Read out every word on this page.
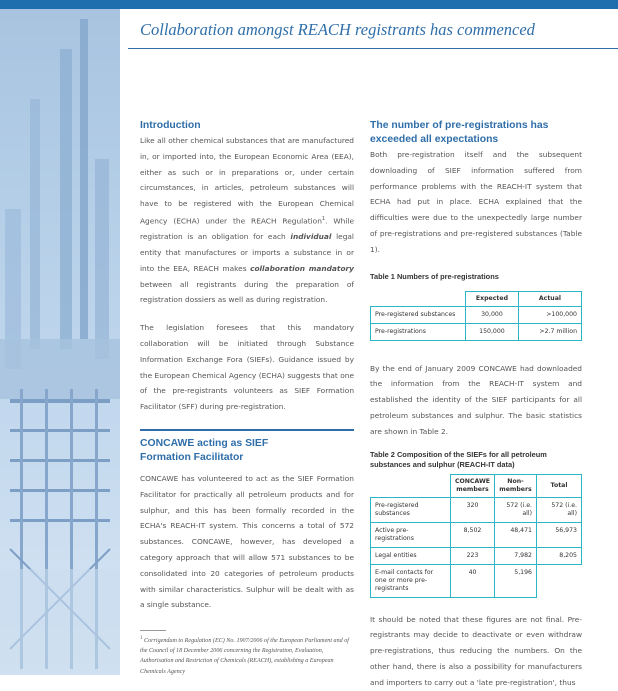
Collaboration amongst REACH registrants has commenced
Introduction

Like all other chemical substances that are manufactured in, or imported into, the European Economic Area (EEA), either as such or in preparations or, under certain circumstances, in articles, petroleum substances will have to be registered with the European Chemical Agency (ECHA) under the REACH Regulation$^1$. While registration is an obligation for each individual legal entity that manufactures or imports a substance in or into the EEA, REACH makes collaboration mandatory between all registrants during the preparation of registration dossiers as well as during registration.

The legislation foresees that this mandatory collaboration will be initiated through Substance Information Exchange Fora (SIEFs). Guidance issued by the European Chemical Agency (ECHA) suggests that one of the pre-registrants volunteers as SIEF Formation Facilitator (SFF) during pre-registration.

CONCAWE acting as SIEF
Formation Facilitator

CONCAWE has volunteered to act as the SIEF Formation Facilitator for practically all petroleum products and for sulphur, and this has been formally recorded in the ECHA's REACH-IT system. This concerns a total of 572 substances. CONCAWE, however, has developed a category approach that will allow 571 substances to be consolidated into 20 categories of petroleum products with similar characteristics. Sulphur will be dealt with as a single substance.

$^1$ Corrigendum to Regulation (EC) No. 1907/2006 of the European Parliament and of the Council of 18 December 2006 concerning the Registration, Evaluation, Authorisation and Restriction of Chemicals (REACH), establishing a European Chemicals Agency
The number of pre-registrations has
exceeded all expectations

Both pre-registration itself and the subsequent downloading of SIEF information suffered from performance problems with the REACH-IT system that ECHA had put in place. ECHA explained that the difficulties were due to the unexpectedly large number of pre-registrations and pre-registered substances (Table 1).

Table 1 Numbers of pre-registrations
	Expected	Actual
Pre-registered substances	30,000	>100,000
Pre-registrations	150,000	>2.7 million

By the end of January 2009 CONCAWE had downloaded the information from the REACH-IT system and established the identity of the SIEF participants for all petroleum substances and sulphur. The basic statistics are shown in Table 2.

Table 2 Composition of the SIEFs for all petroleum
substances and sulphur (REACH-IT data)
	CONCAWE members	Non-members	Total
Pre-registered substances	320	572 (i.e. all)	572 (i.e. all)
Active pre-registrations	8,502	48,471	56,973
Legal entities	223	7,982	8,205
E-mail contacts for one or more pre-registrants	40	5,196	

It should be noted that these figures are not final. Pre-registrants may decide to deactivate or even withdraw pre-registrations, thus reducing the numbers. On the other hand, there is also a possibility for manufacturers and importers to carry out a 'late pre-registration', thus
